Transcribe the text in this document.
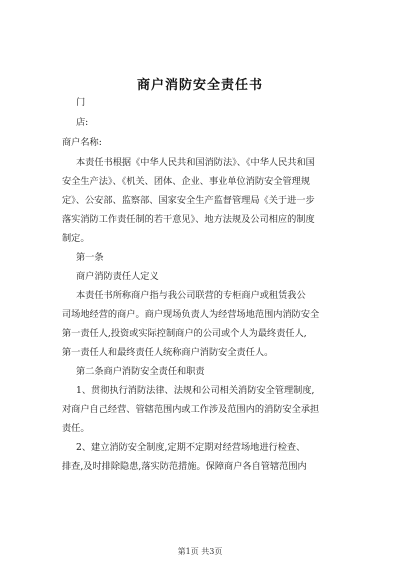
商户消防安全责任书
门
店:
商户名称:
本责任书根据《中华人民共和国消防法》、《中华人民共和国
安全生产法》、《机关、团体、企业、事业单位消防安全管理规
定》、公安部、监察部、国家安全生产监督管理局《关于进一步
落实消防工作责任制的若干意见》、地方法规及公司相应的制度
制定。
第一条
商户消防责任人定义
本责任书所称商户指与我公司联营的专柜商户或租赁我公
司场地经营的商户。商户现场负责人为经营场地范围内消防安全
第一责任人,投资或实际控制商户的公司或个人为最终责任人,
第一责任人和最终责任人统称商户消防安全责任人。
第二条商户消防安全责任和职责
1、贯彻执行消防法律、法规和公司相关消防安全管理制度,
对商户自己经营、管辖范围内或工作涉及范围内的消防安全承担
责任。
2、建立消防安全制度,定期不定期对经营场地进行检查、
排查,及时排除隐患,落实防范措施。保障商户各自管辖范围内
第1页 共3页
